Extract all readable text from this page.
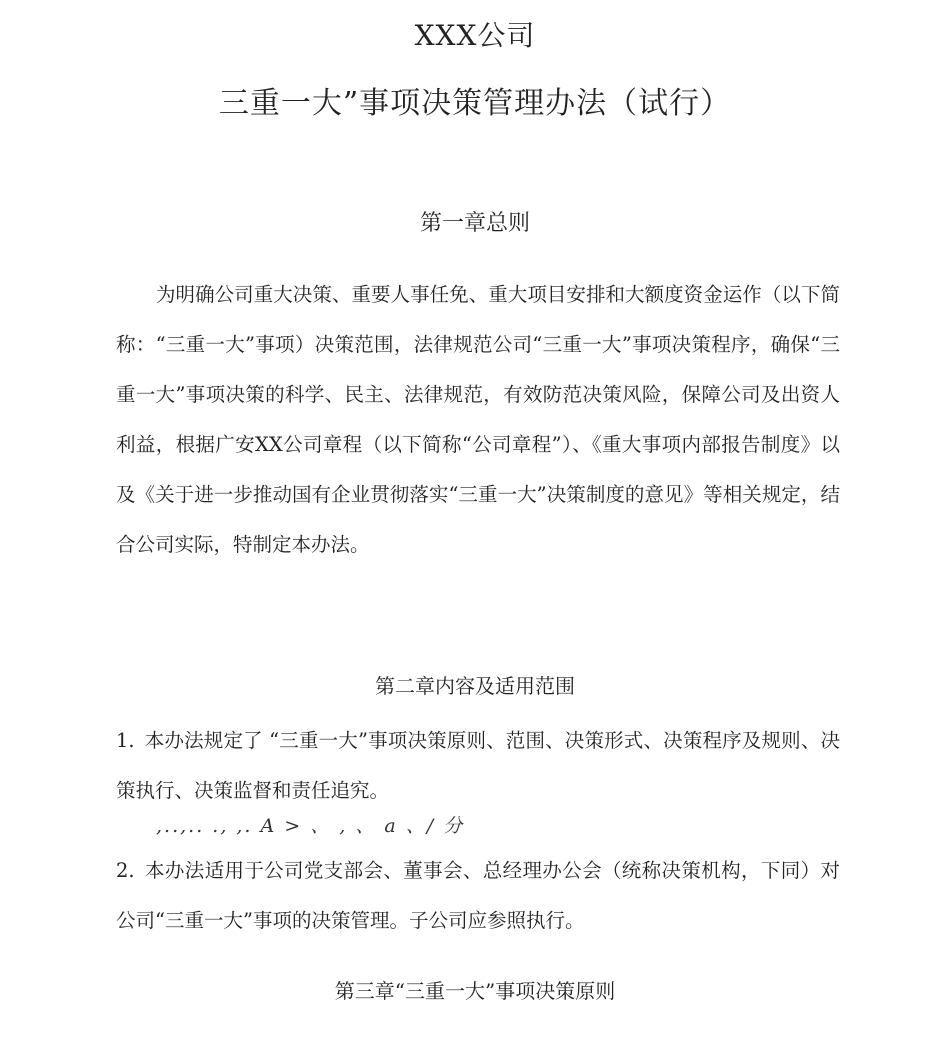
XXX公司
三重一大”事项决策管理办法（试行）
第一章总则
为明确公司重大决策、重要人事任免、重大项目安排和大额度资金运作（以下简称：“三重一大”事项）决策范围，法律规范公司“三重一大”事项决策程序，确保“三重一大”事项决策的科学、民主、法律规范，有效防范决策风险，保障公司及出资人利益，根据广安XX公司章程（以下简称“公司章程”）、《重大事项内部报告制度》以及《关于进一步推动国有企业贯彻落实“三重一大”决策制度的意见》等相关规定，结合公司实际，特制定本办法。
第二章内容及适用范围
1. 本办法规定了 “三重一大”事项决策原则、范围、决策形式、决策程序及规则、决策执行、决策监督和责任追究。
,..,.. ., ,. A > 、 , 、 a 、/ 分
2. 本办法适用于公司党支部会、董事会、总经理办公会（统称决策机构，下同）对公司“三重一大”事项的决策管理。子公司应参照执行。
第三章“三重一大”事项决策原则
